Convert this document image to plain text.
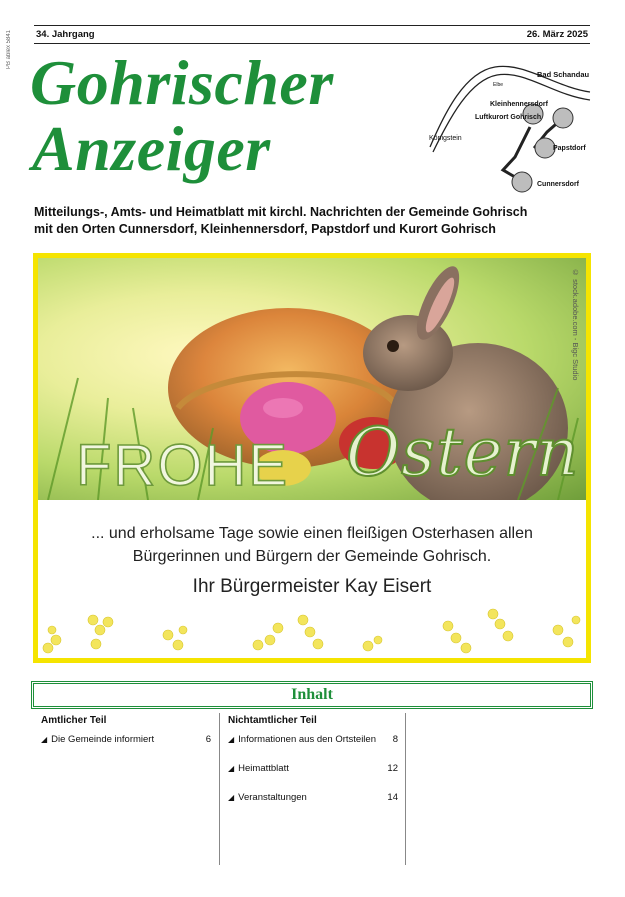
PB ablex 5841	34. Jahrgang	26. März 2025
Gohrischer
Anzeiger
Bad Schandau
Elbe
Kleinhennersdorf
Luftkurort Gohrisch
Königstein
Papstdorf
Cunnersdorf
Mitteilungs-, Amts- und Heimatblatt mit kirchl. Nachrichten der Gemeinde Gohrisch
mit den Orten Cunnersdorf, Kleinhennersdorf, Papstdorf und Kurort Gohrisch
© stock.adobe.com - Bigc Studio
FROHE Ostern
... und erholsame Tage sowie einen fleißigen Osterhasen allen
Bürgerinnen und Bürgern der Gemeinde Gohrisch.
Ihr Bürgermeister Kay Eisert
Inhalt
Amtlicher Teil
◢ Die Gemeinde informiert	6
Nichtamtlicher Teil
◢ Informationen aus den Ortsteilen 8
◢ Heimattblatt	12
◢ Veranstaltungen	14
